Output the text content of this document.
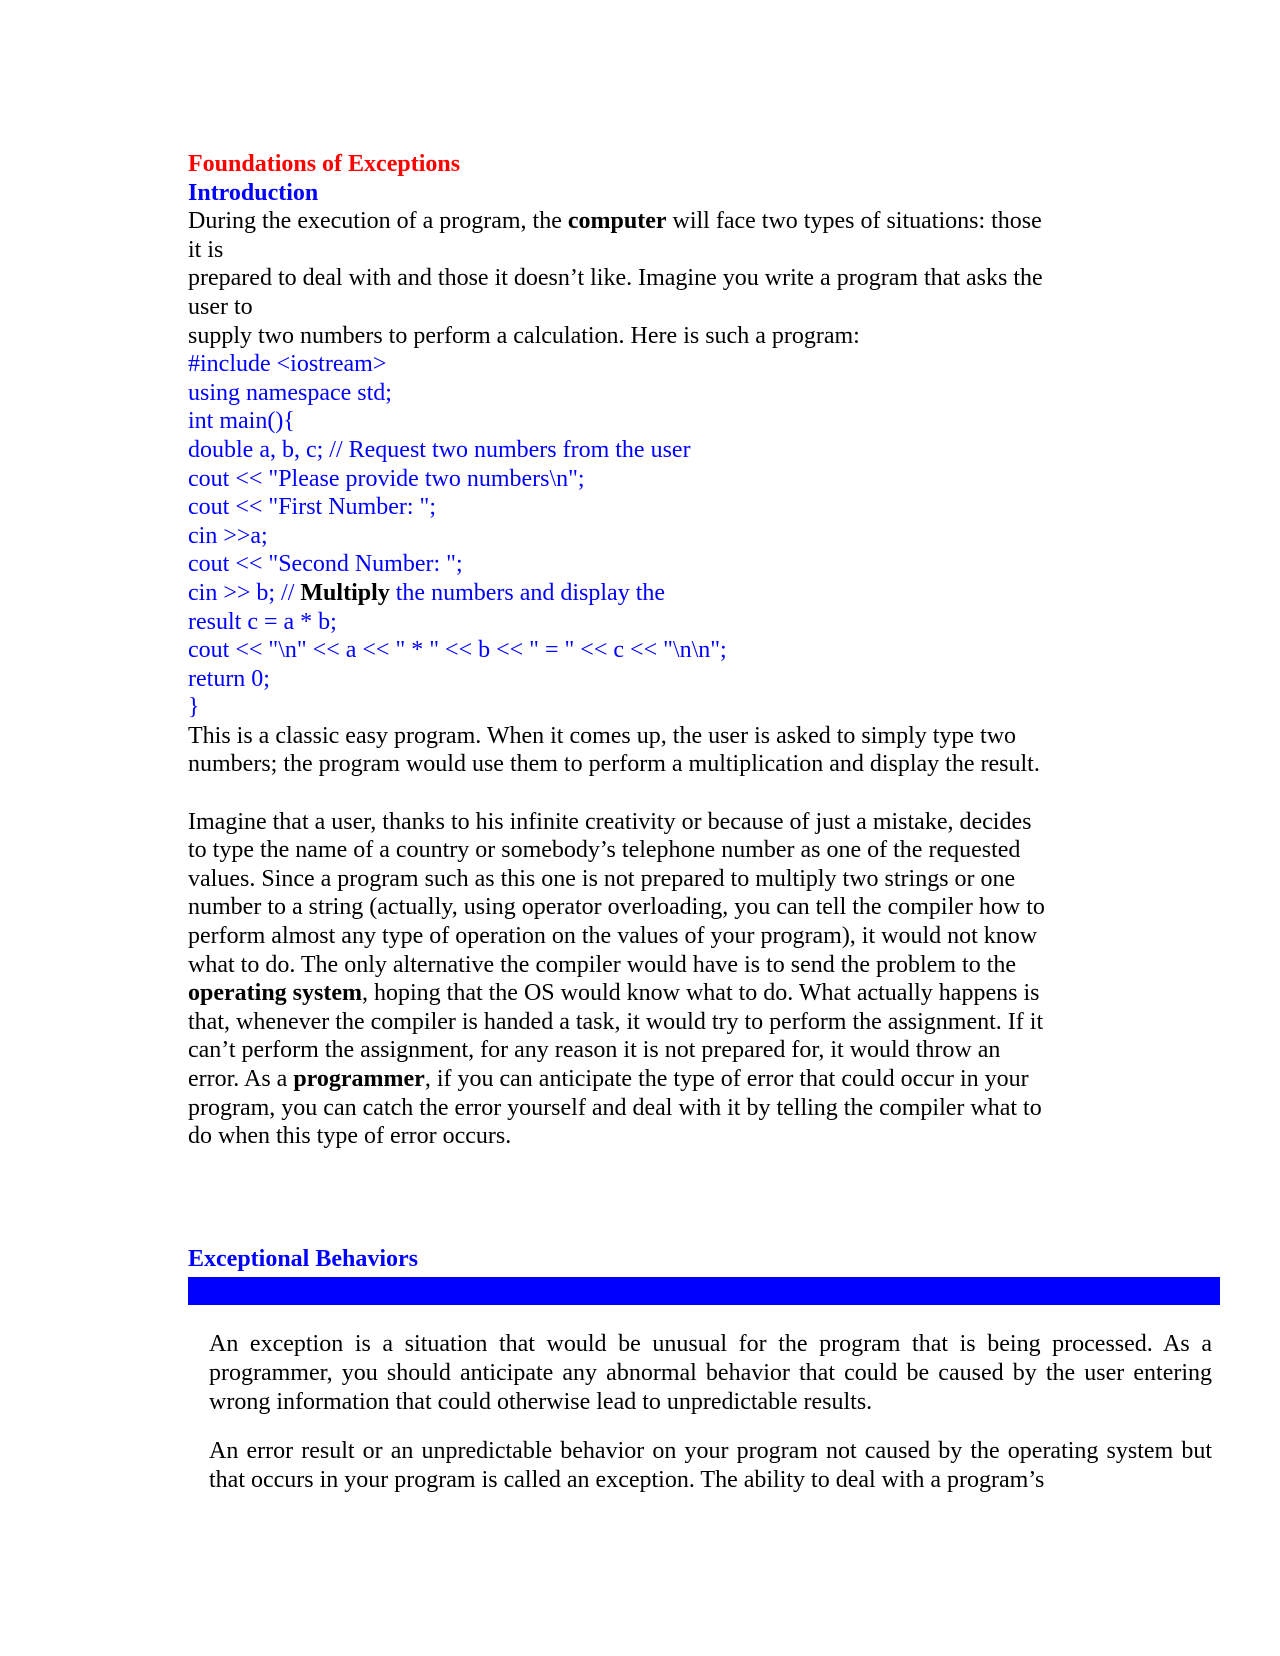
Foundations of Exceptions
Introduction
During the execution of a program, the computer will face two types of situations: those
it is
prepared to deal with and those it doesn’t like. Imagine you write a program that asks the
user to
supply two numbers to perform a calculation. Here is such a program:
#include <iostream>
using namespace std;
int main(){
double a, b, c; // Request two numbers from the user
cout << "Please provide two numbers\n";
cout << "First Number: ";
cin >>a;
cout << "Second Number: ";
cin >> b; // Multiply the numbers and display the
result c = a * b;
cout << "\n" << a << " * " << b << " = " << c << "\n\n";
return 0;
}
This is a classic easy program. When it comes up, the user is asked to simply type two
numbers; the program would use them to perform a multiplication and display the result.
Imagine that a user, thanks to his infinite creativity or because of just a mistake, decides
to type the name of a country or somebody’s telephone number as one of the requested
values. Since a program such as this one is not prepared to multiply two strings or one
number to a string (actually, using operator overloading, you can tell the compiler how to
perform almost any type of operation on the values of your program), it would not know
what to do. The only alternative the compiler would have is to send the problem to the
operating system, hoping that the OS would know what to do. What actually happens is
that, whenever the compiler is handed a task, it would try to perform the assignment. If it
can’t perform the assignment, for any reason it is not prepared for, it would throw an
error. As a programmer, if you can anticipate the type of error that could occur in your
program, you can catch the error yourself and deal with it by telling the compiler what to
do when this type of error occurs.
Exceptional Behaviors

An exception is a situation that would be unusual for the program that is being processed. As a programmer, you should anticipate any abnormal behavior that could be caused by the user entering wrong information that could otherwise lead to unpredictable results.

An error result or an unpredictable behavior on your program not caused by the operating system but that occurs in your program is called an exception. The ability to deal with a program’s
